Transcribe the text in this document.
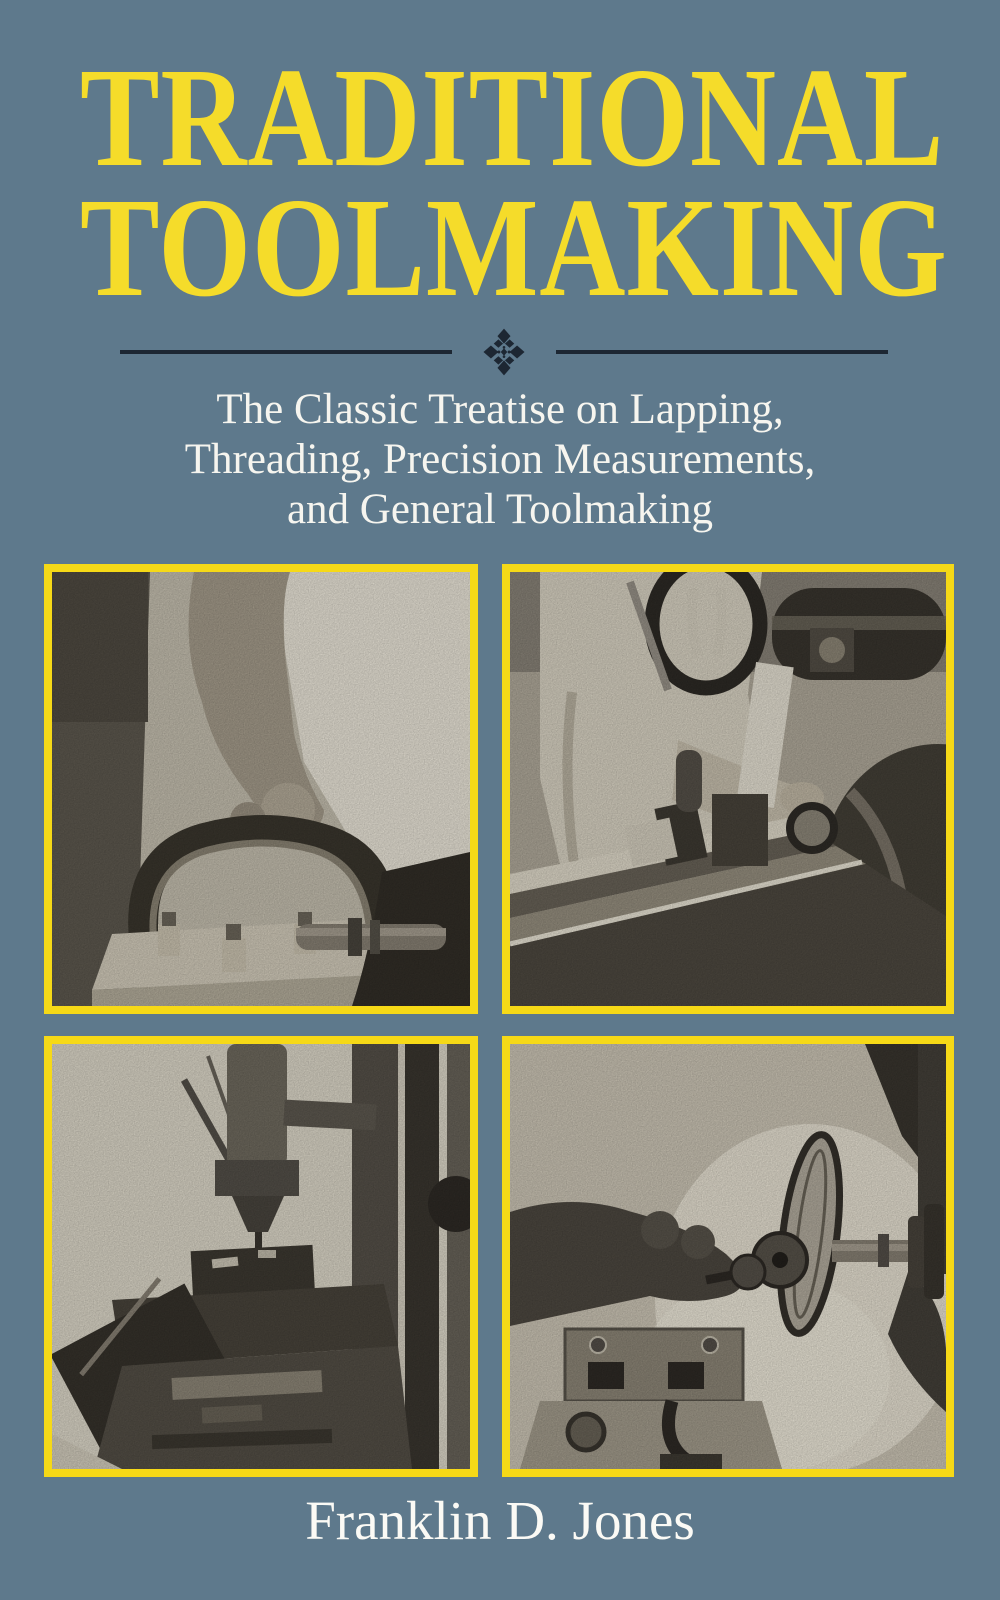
TRADITIONAL
TOOLMAKING
The Classic Treatise on Lapping,
Threading, Precision Measurements,
and General Toolmaking
Franklin D. Jones
